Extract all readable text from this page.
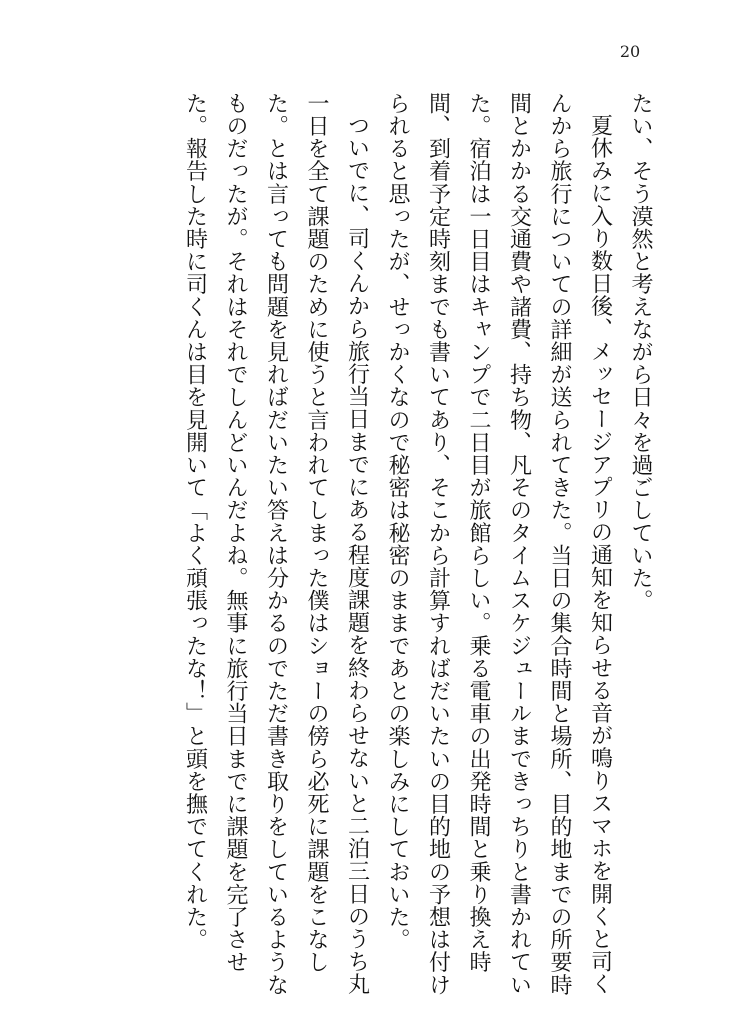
20

たい、そう漠然と考えながら日々を過ごしていた。

夏休みに入り数日後、メッセージアプリの通知を知らせる音が鳴りスマホを開くと司くんから旅行についての詳細が送られてきた。当日の集合時間と場所、目的地までの所要時間とかかる交通費や諸費、持ち物、凡そのタイムスケジュールまできっちりと書かれていた。宿泊は一日目はキャンプで二日目が旅館らしい。乗る電車の出発時間と乗り換え時間、到着予定時刻までも書いてあり、そこから計算すればだいたいの目的地の予想は付けられると思ったが、せっかくなので秘密は秘密のままであとの楽しみにしておいた。

ついでに、司くんから旅行当日までにある程度課題を終わらせないと二泊三日のうち丸一日を全て課題のために使うと言われてしまった僕はショーの傍ら必死に課題をこなした。とは言っても問題を見ればだいたい答えは分かるのでただ書き取りをしているようなものだったが。それはそれでしんどいんだよね。無事に旅行当日までに課題を完了させた。報告した時に司くんは目を見開いて「よく頑張ったな！」と頭を撫でてくれた。
